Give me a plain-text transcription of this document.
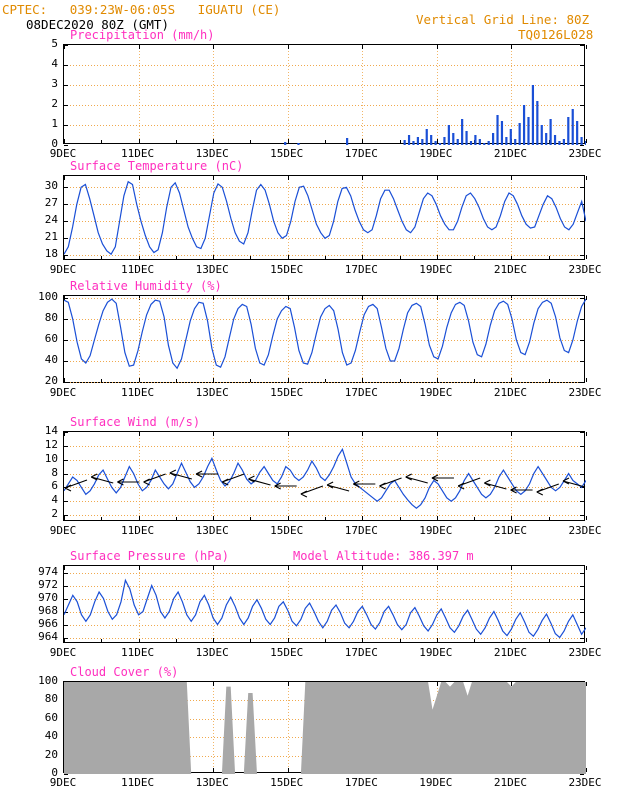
CPTEC:   039:23W-06:05S   IGUATU (CE)
08DEC2020 80Z (GMT)	Vertical Grid Line: 80Z
TQ0126L028
Precipitation (mm/h)
0
1
2
3
4
5
9DEC	11DEC	13DEC	15DEC	17DEC	19DEC	21DEC	23DEC
Surface Temperature (nC)
18
21
24
27
30
9DEC	11DEC	13DEC	15DEC	17DEC	19DEC	21DEC	23DEC
Relative Humidity (%)
20
40
60
80
100
9DEC	11DEC	13DEC	15DEC	17DEC	19DEC	21DEC	23DEC
Surface Wind (m/s)
2
4
6
8
10
12
14
9DEC	11DEC	13DEC	15DEC	17DEC	19DEC	21DEC	23DEC
Surface Pressure (hPa)	Model Altitude: 386.397 m
964
966
968
970
972
974
9DEC	11DEC	13DEC	15DEC	17DEC	19DEC	21DEC	23DEC
Cloud Cover (%)
0
20
40
60
80
100
9DEC	11DEC	13DEC	15DEC	17DEC	19DEC	21DEC	23DEC
